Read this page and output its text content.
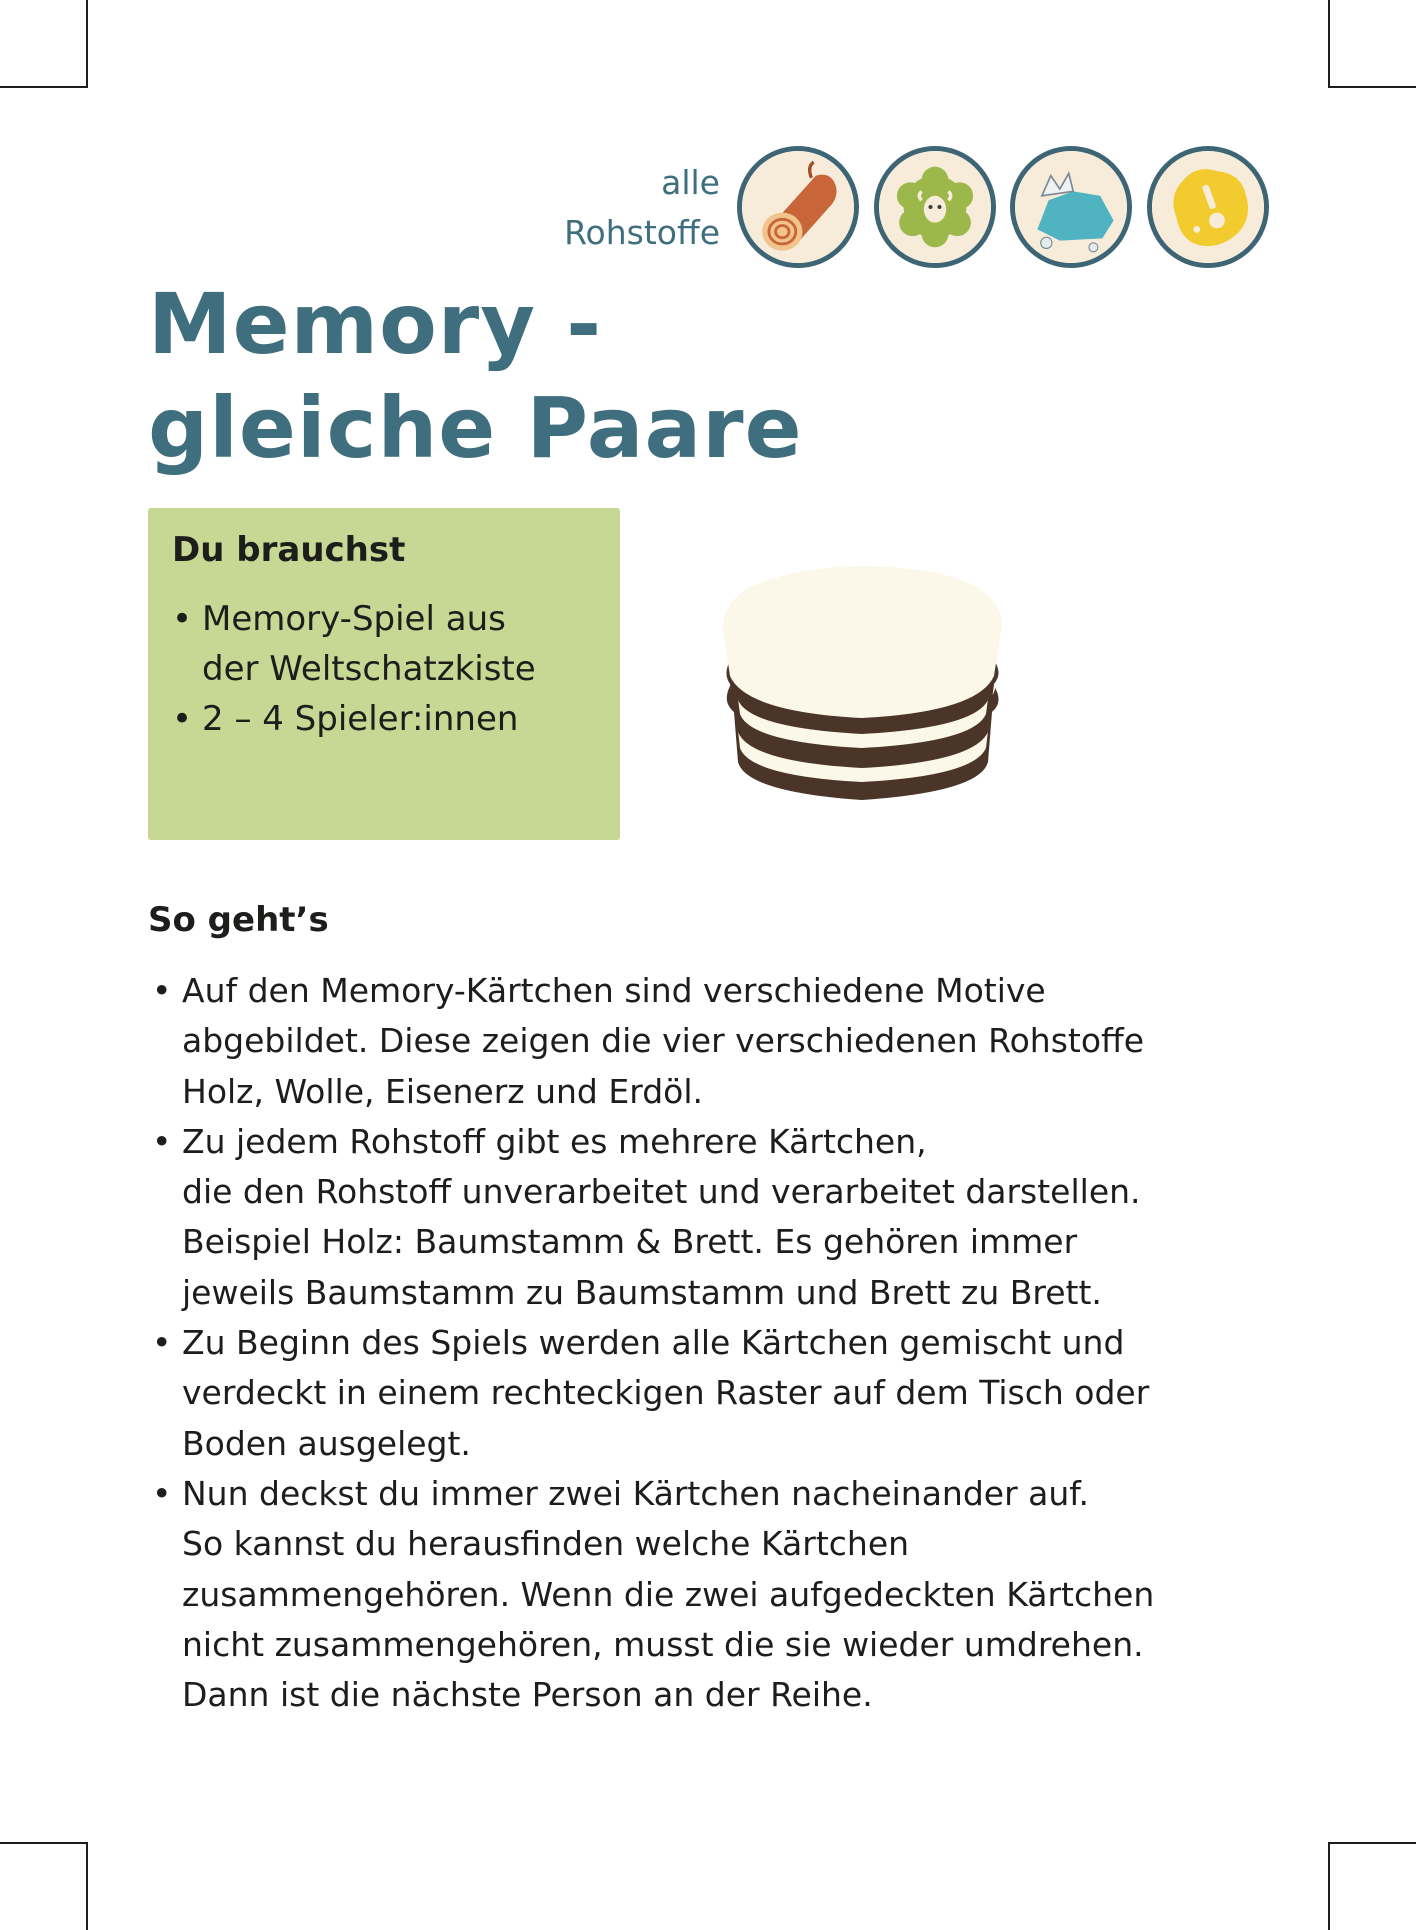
alle
Rohstoffe
Memory -
gleiche Paare
Du brauchst
• Memory-Spiel aus
der Weltschatzkiste
• 2 – 4 Spieler:innen
So geht’s
• Auf den Memory-Kärtchen sind verschiedene Motive
abgebildet. Diese zeigen die vier verschiedenen Rohstoffe
Holz, Wolle, Eisenerz und Erdöl.
• Zu jedem Rohstoff gibt es mehrere Kärtchen,
die den Rohstoff unverarbeitet und verarbeitet darstellen.
Beispiel Holz: Baumstamm & Brett. Es gehören immer
jeweils Baumstamm zu Baumstamm und Brett zu Brett.
• Zu Beginn des Spiels werden alle Kärtchen gemischt und
verdeckt in einem rechteckigen Raster auf dem Tisch oder
Boden ausgelegt.
• Nun deckst du immer zwei Kärtchen nacheinander auf.
So kannst du herausfinden welche Kärtchen
zusammengehören. Wenn die zwei aufgedeckten Kärtchen
nicht zusammengehören, musst die sie wieder umdrehen.
Dann ist die nächste Person an der Reihe.
